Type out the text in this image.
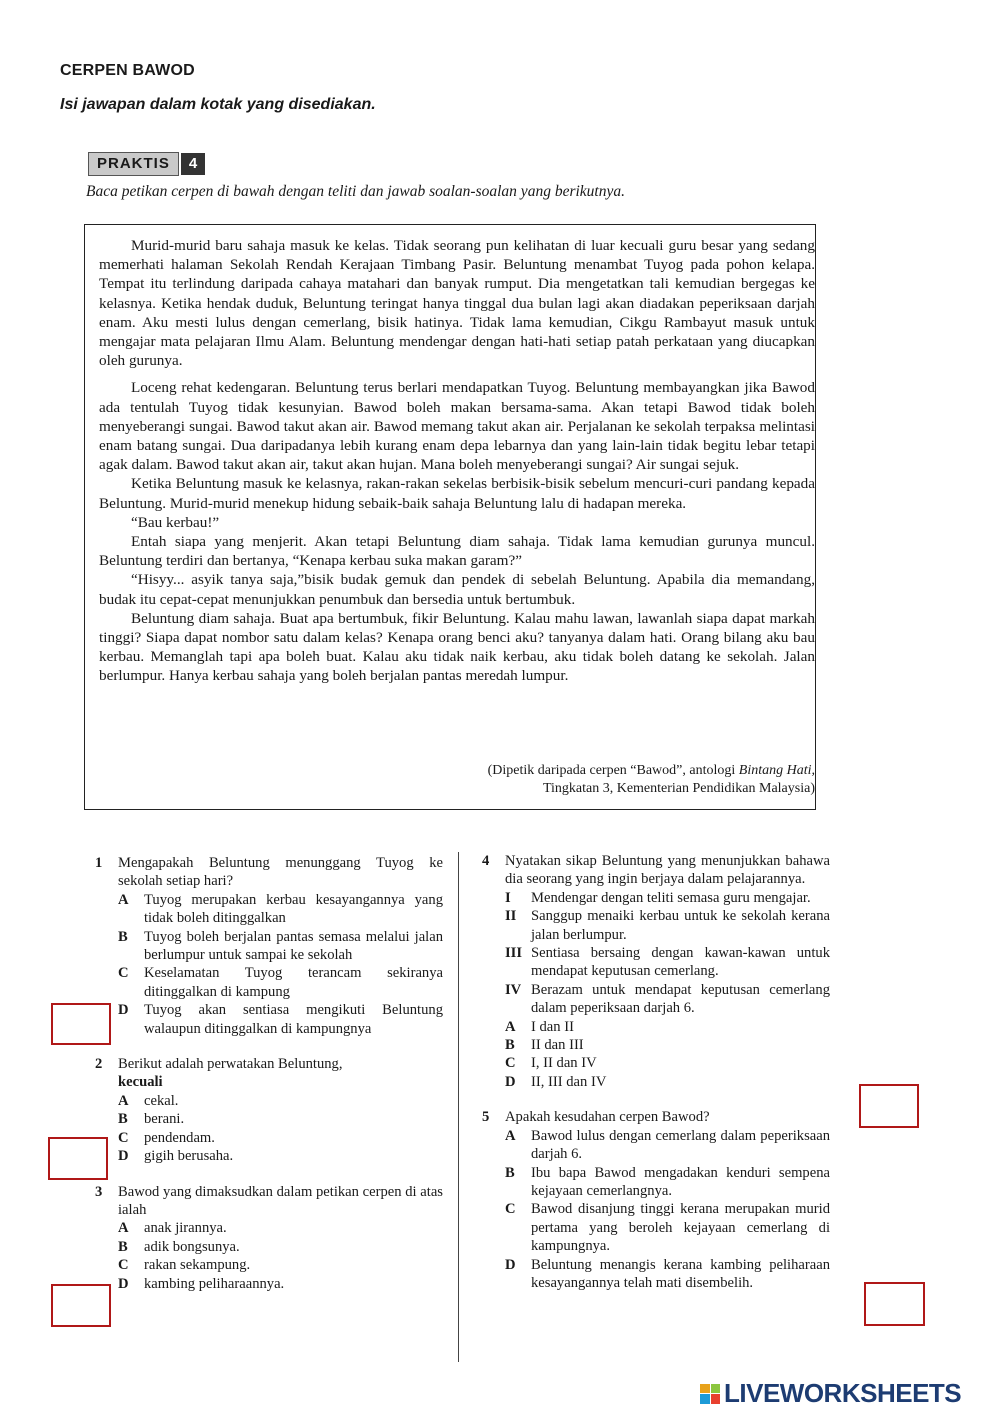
CERPEN BAWOD
Isi jawapan dalam kotak yang disediakan.
PRAKTIS	4
Baca petikan cerpen di bawah dengan teliti dan jawab soalan-soalan yang berikutnya.

Murid-murid baru sahaja masuk ke kelas. Tidak seorang pun kelihatan di luar kecuali guru besar yang sedang memerhati halaman Sekolah Rendah Kerajaan Timbang Pasir. Beluntung menambat Tuyog pada pohon kelapa. Tempat itu terlindung daripada cahaya matahari dan banyak rumput. Dia mengetatkan tali kemudian bergegas ke kelasnya. Ketika hendak duduk, Beluntung teringat hanya tinggal dua bulan lagi akan diadakan peperiksaan darjah enam. Aku mesti lulus dengan cemerlang, bisik hatinya. Tidak lama kemudian, Cikgu Rambayut masuk untuk mengajar mata pelajaran Ilmu Alam. Beluntung mendengar dengan hati-hati setiap patah perkataan yang diucapkan oleh gurunya.

Loceng rehat kedengaran. Beluntung terus berlari mendapatkan Tuyog. Beluntung membayangkan jika Bawod ada tentulah Tuyog tidak kesunyian. Bawod boleh makan bersama-sama. Akan tetapi Bawod tidak boleh menyeberangi sungai. Bawod takut akan air. Bawod memang takut akan air. Perjalanan ke sekolah terpaksa melintasi enam batang sungai. Dua daripadanya lebih kurang enam depa lebarnya dan yang lain-lain tidak begitu lebar tetapi agak dalam. Bawod takut akan air, takut akan hujan. Mana boleh menyeberangi sungai? Air sungai sejuk.

Ketika Beluntung masuk ke kelasnya, rakan-rakan sekelas berbisik-bisik sebelum mencuri-curi pandang kepada Beluntung. Murid-murid menekup hidung sebaik-baik sahaja Beluntung lalu di hadapan mereka.

“Bau kerbau!”

Entah siapa yang menjerit. Akan tetapi Beluntung diam sahaja. Tidak lama kemudian gurunya muncul. Beluntung terdiri dan bertanya, “Kenapa kerbau suka makan garam?”

“Hisyy... asyik tanya saja,”bisik budak gemuk dan pendek di sebelah Beluntung. Apabila dia memandang, budak itu cepat-cepat menunjukkan penumbuk dan bersedia untuk bertumbuk.

Beluntung diam sahaja. Buat apa bertumbuk, fikir Beluntung. Kalau mahu lawan, lawanlah siapa dapat markah tinggi? Siapa dapat nombor satu dalam kelas? Kenapa orang benci aku? tanyanya dalam hati. Orang bilang aku bau kerbau. Memanglah tapi apa boleh buat. Kalau aku tidak naik kerbau, aku tidak boleh datang ke sekolah. Jalan berlumpur. Hanya kerbau sahaja yang boleh berjalan pantas meredah lumpur.

(Dipetik daripada cerpen “Bawod”, antologi Bintang Hati,
Tingkatan 3, Kementerian Pendidikan Malaysia)
1	Mengapakah Beluntung menunggang Tuyog ke sekolah setiap hari?
A	Tuyog merupakan kerbau kesayangannya yang tidak boleh ditinggalkan
B	Tuyog boleh berjalan pantas semasa melalui jalan berlumpur untuk sampai ke sekolah
C	Keselamatan Tuyog terancam sekiranya ditinggalkan di kampung
D	Tuyog akan sentiasa mengikuti Beluntung walaupun ditinggalkan di kampungnya
2	Berikut adalah perwatakan Beluntung,
kecuali
A	cekal.
B	berani.
C	pendendam.
D	gigih berusaha.
3	Bawod yang dimaksudkan dalam petikan cerpen di atas ialah
A	anak jirannya.
B	adik bongsunya.
C	rakan sekampung.
D	kambing peliharaannya.
4	Nyatakan sikap Beluntung yang menunjukkan bahawa dia seorang yang ingin berjaya dalam pelajarannya.
I	Mendengar dengan teliti semasa guru mengajar.
II	Sanggup menaiki kerbau untuk ke sekolah kerana jalan berlumpur.
III Sentiasa bersaing dengan kawan-kawan untuk mendapat keputusan cemerlang.
IV Berazam untuk mendapat keputusan cemerlang dalam peperiksaan darjah 6.
A	I dan II
B	II dan III
C	I, II dan IV
D	II, III dan IV
5	Apakah kesudahan cerpen Bawod?
A	Bawod lulus dengan cemerlang dalam peperiksaan darjah 6.
B	Ibu bapa Bawod mengadakan kenduri sempena kejayaan cemerlangnya.
C	Bawod disanjung tinggi kerana merupakan murid pertama yang beroleh kejayaan cemerlang di kampungnya.
D	Beluntung menangis kerana kambing peliharaan kesayangannya telah mati disembelih.
LIVEWORKSHEETS
